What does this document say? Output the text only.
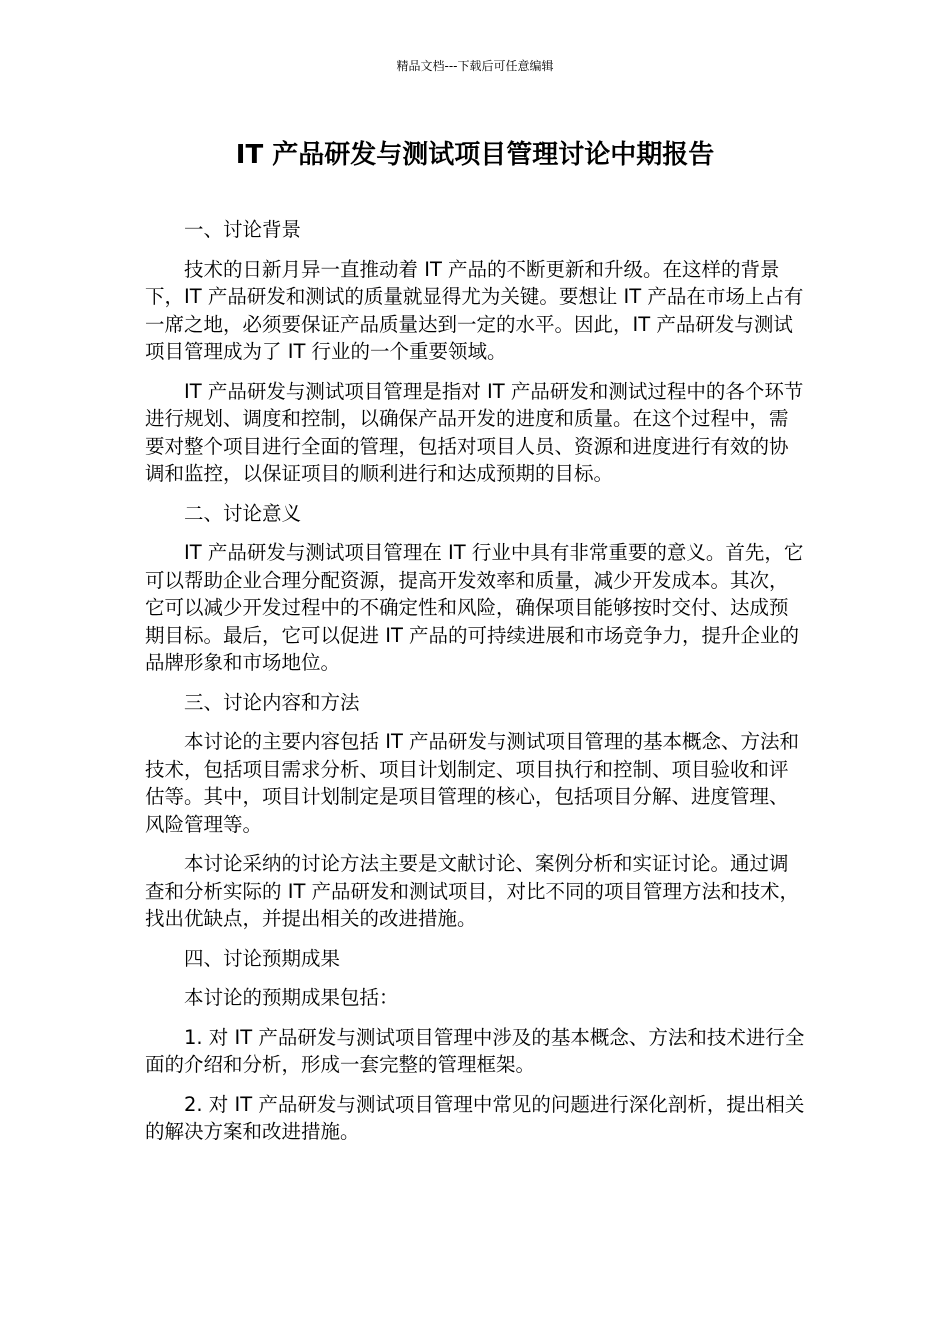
精品文档---下载后可任意编辑
IT 产品研发与测试项目管理讨论中期报告

一、讨论背景

技术的日新月异一直推动着 IT 产品的不断更新和升级。在这样的背景下，IT 产品研发和测试的质量就显得尤为关键。要想让 IT 产品在市场上占有一席之地，必须要保证产品质量达到一定的水平。因此，IT 产品研发与测试项目管理成为了 IT 行业的一个重要领域。

IT 产品研发与测试项目管理是指对 IT 产品研发和测试过程中的各个环节进行规划、调度和控制，以确保产品开发的进度和质量。在这个过程中，需要对整个项目进行全面的管理，包括对项目人员、资源和进度进行有效的协调和监控，以保证项目的顺利进行和达成预期的目标。

二、讨论意义

IT 产品研发与测试项目管理在 IT 行业中具有非常重要的意义。首先，它可以帮助企业合理分配资源，提高开发效率和质量，减少开发成本。其次，它可以减少开发过程中的不确定性和风险，确保项目能够按时交付、达成预期目标。最后，它可以促进 IT 产品的可持续进展和市场竞争力，提升企业的品牌形象和市场地位。

三、讨论内容和方法

本讨论的主要内容包括 IT 产品研发与测试项目管理的基本概念、方法和技术，包括项目需求分析、项目计划制定、项目执行和控制、项目验收和评估等。其中，项目计划制定是项目管理的核心，包括项目分解、进度管理、风险管理等。

本讨论采纳的讨论方法主要是文献讨论、案例分析和实证讨论。通过调查和分析实际的 IT 产品研发和测试项目，对比不同的项目管理方法和技术，找出优缺点，并提出相关的改进措施。

四、讨论预期成果

本讨论的预期成果包括：

1. 对 IT 产品研发与测试项目管理中涉及的基本概念、方法和技术进行全面的介绍和分析，形成一套完整的管理框架。

2. 对 IT 产品研发与测试项目管理中常见的问题进行深化剖析，提出相关的解决方案和改进措施。
